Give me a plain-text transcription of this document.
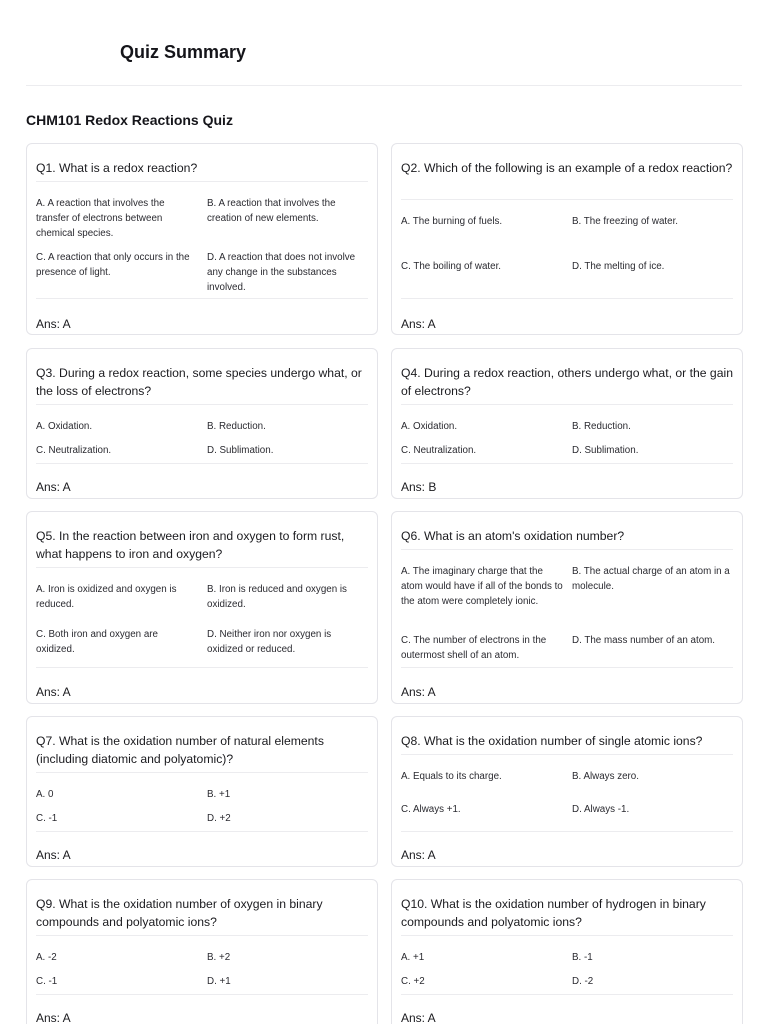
Quiz Summary
CHM101 Redox Reactions Quiz
Q1. What is a redox reaction?
A. A reaction that involves the transfer of electrons between chemical species.
B. A reaction that involves the creation of new elements.
C. A reaction that only occurs in the presence of light.
D. A reaction that does not involve any change in the substances involved.
Ans: A
Q2. Which of the following is an example of a redox reaction?
A. The burning of fuels.	B. The freezing of water.
C. The boiling of water.	D. The melting of ice.
Ans: A
Q3. During a redox reaction, some species undergo what, or the loss of electrons?
A. Oxidation.	B. Reduction.
C. Neutralization.	D. Sublimation.
Ans: A
Q4. During a redox reaction, others undergo what, or the gain of electrons?
A. Oxidation.	B. Reduction.
C. Neutralization.	D. Sublimation.
Ans: B
Q5. In the reaction between iron and oxygen to form rust, what happens to iron and oxygen?
A. Iron is oxidized and oxygen is reduced.
B. Iron is reduced and oxygen is oxidized.
C. Both iron and oxygen are oxidized.
D. Neither iron nor oxygen is oxidized or reduced.
Ans: A
Q6. What is an atom's oxidation number?
A. The imaginary charge that the atom would have if all of the bonds to the atom were completely ionic.
B. The actual charge of an atom in a molecule.
C. The number of electrons in the outermost shell of an atom.
D. The mass number of an atom.
Ans: A
Q7. What is the oxidation number of natural elements (including diatomic and polyatomic)?
A. 0	B. +1
C. -1	D. +2
Ans: A
Q8. What is the oxidation number of single atomic ions?
A. Equals to its charge.	B. Always zero.
C. Always +1.	D. Always -1.
Ans: A
Q9. What is the oxidation number of oxygen in binary compounds and polyatomic ions?
A. -2	B. +2
C. -1	D. +1
Ans: A
Q10. What is the oxidation number of hydrogen in binary compounds and polyatomic ions?
A. +1	B. -1
C. +2	D. -2
Ans: A
